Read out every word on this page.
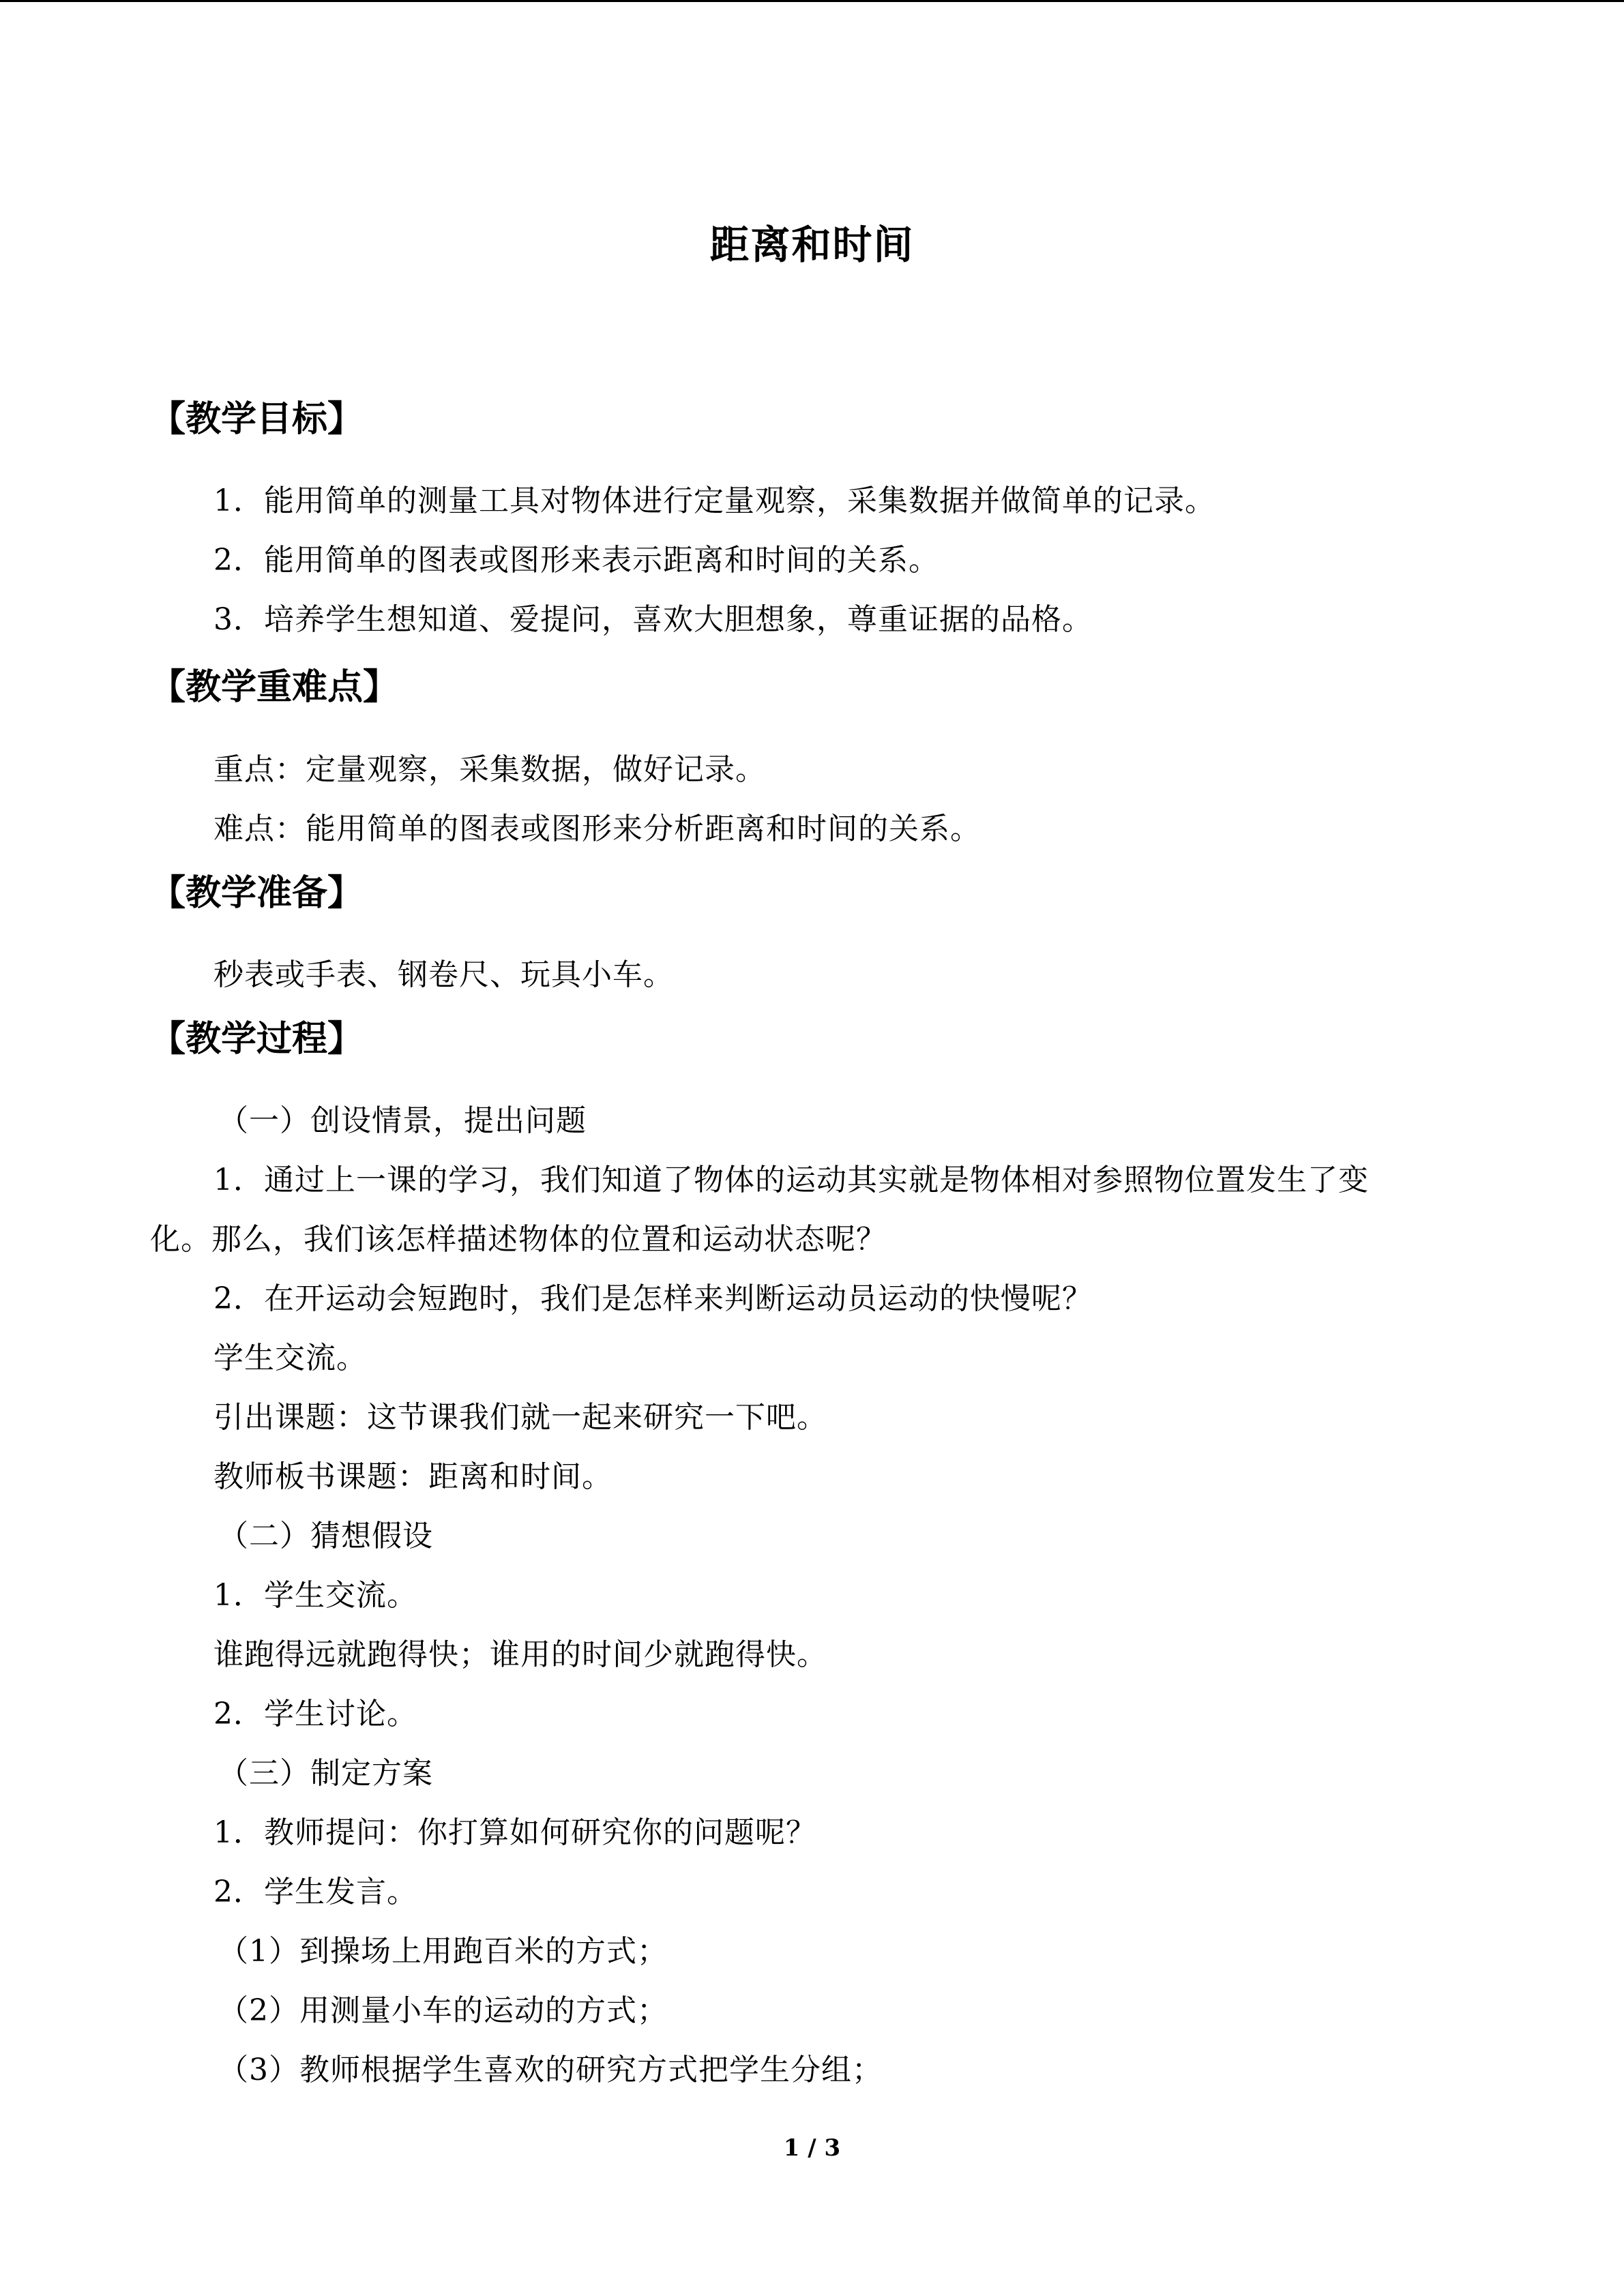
距离和时间
【教学目标】
1．能用简单的测量工具对物体进行定量观察，采集数据并做简单的记录。
2．能用简单的图表或图形来表示距离和时间的关系。
3．培养学生想知道、爱提问，喜欢大胆想象，尊重证据的品格。
【教学重难点】
重点：定量观察，采集数据，做好记录。
难点：能用简单的图表或图形来分析距离和时间的关系。
【教学准备】
秒表或手表、钢卷尺、玩具小车。
【教学过程】
（一）创设情景，提出问题
1．通过上一课的学习，我们知道了物体的运动其实就是物体相对参照物位置发生了变
化。那么，我们该怎样描述物体的位置和运动状态呢？
2．在开运动会短跑时，我们是怎样来判断运动员运动的快慢呢？
学生交流。
引出课题：这节课我们就一起来研究一下吧。
教师板书课题：距离和时间。
（二）猜想假设
1．学生交流。
谁跑得远就跑得快；谁用的时间少就跑得快。
2．学生讨论。
（三）制定方案
1．教师提问：你打算如何研究你的问题呢？
2．学生发言。
（1）到操场上用跑百米的方式；
（2）用测量小车的运动的方式；
（3）教师根据学生喜欢的研究方式把学生分组；
1 / 3
